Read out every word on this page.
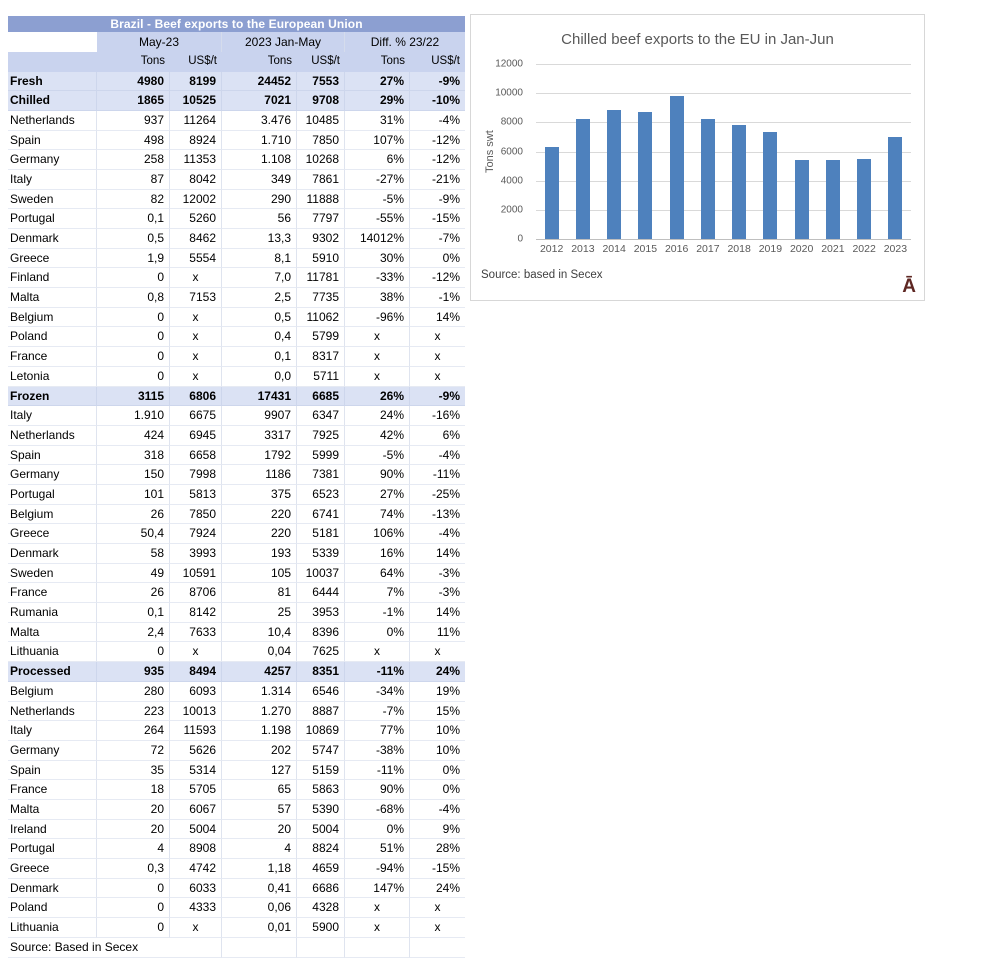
Brazil - Beef exports to the European Union
May-23	2023 Jan-May	Diff. % 23/22
Tons	US$/t	Tons	US$/t	Tons	US$/t
Fresh	4980	8199	24452	7553	27%	-9%
Chilled	1865	10525	7021	9708	29%	-10%
Netherlands	937	11264	3.476	10485	31%	-4%
Spain	498	8924	1.710	7850	107%	-12%
Germany	258	11353	1.108	10268	6%	-12%
Italy	87	8042	349	7861	-27%	-21%
Sweden	82	12002	290	11888	-5%	-9%
Portugal	0,1	5260	56	7797	-55%	-15%
Denmark	0,5	8462	13,3	9302	14012%	-7%
Greece	1,9	5554	8,1	5910	30%	0%
Finland	0	x	7,0	11781	-33%	-12%
Malta	0,8	7153	2,5	7735	38%	-1%
Belgium	0	x	0,5	11062	-96%	14%
Poland	0	x	0,4	5799	x	x
France	0	x	0,1	8317	x	x
Letonia	0	x	0,0	5711	x	x
Frozen	3115	6806	17431	6685	26%	-9%
Italy	1.910	6675	9907	6347	24%	-16%
Netherlands	424	6945	3317	7925	42%	6%
Spain	318	6658	1792	5999	-5%	-4%
Germany	150	7998	1186	7381	90%	-11%
Portugal	101	5813	375	6523	27%	-25%
Belgium	26	7850	220	6741	74%	-13%
Greece	50,4	7924	220	5181	106%	-4%
Denmark	58	3993	193	5339	16%	14%
Sweden	49	10591	105	10037	64%	-3%
France	26	8706	81	6444	7%	-3%
Rumania	0,1	8142	25	3953	-1%	14%
Malta	2,4	7633	10,4	8396	0%	11%
Lithuania	0	x	0,04	7625	x	x
Processed	935	8494	4257	8351	-11%	24%
Belgium	280	6093	1.314	6546	-34%	19%
Netherlands	223	10013	1.270	8887	-7%	15%
Italy	264	11593	1.198	10869	77%	10%
Germany	72	5626	202	5747	-38%	10%
Spain	35	5314	127	5159	-11%	0%
France	18	5705	65	5863	90%	0%
Malta	20	6067	57	5390	-68%	-4%
Ireland	20	5004	20	5004	0%	9%
Portugal	4	8908	4	8824	51%	28%
Greece	0,3	4742	1,18	4659	-94%	-15%
Denmark	0	6033	0,41	6686	147%	24%
Poland	0	4333	0,06	4328	x	x
Lithuania	0	x	0,01	5900	x	x
Source: Based in Secex
Chilled beef exports to the EU in Jan-Jun
Tons swt
0
2000
4000
6000
8000
10000
12000
2012 2013 2014 2015 2016 2017 2018 2019 2020 2021 2022 2023
Source: based in Secex
Ā
